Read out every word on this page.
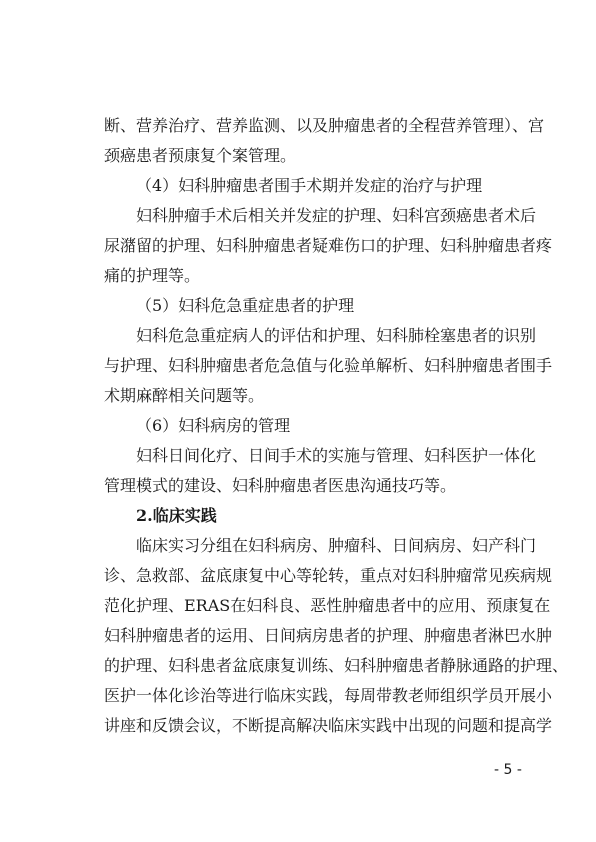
断、营养治疗、营养监测、以及肿瘤患者的全程营养管理）、宫
颈癌患者预康复个案管理。
（4）妇科肿瘤患者围手术期并发症的治疗与护理
妇科肿瘤手术后相关并发症的护理、妇科宫颈癌患者术后
尿潴留的护理、妇科肿瘤患者疑难伤口的护理、妇科肿瘤患者疼
痛的护理等。
（5）妇科危急重症患者的护理
妇科危急重症病人的评估和护理、妇科肺栓塞患者的识别
与护理、妇科肿瘤患者危急值与化验单解析、妇科肿瘤患者围手
术期麻醉相关问题等。
（6）妇科病房的管理
妇科日间化疗、日间手术的实施与管理、妇科医护一体化
管理模式的建设、妇科肿瘤患者医患沟通技巧等。
2.临床实践
临床实习分组在妇科病房、肿瘤科、日间病房、妇产科门
诊、急救部、盆底康复中心等轮转，重点对妇科肿瘤常见疾病规
范化护理、ERAS在妇科良、恶性肿瘤患者中的应用、预康复在
妇科肿瘤患者的运用、日间病房患者的护理、肿瘤患者淋巴水肿
的护理、妇科患者盆底康复训练、妇科肿瘤患者静脉通路的护理、
医护一体化诊治等进行临床实践，每周带教老师组织学员开展小
讲座和反馈会议，不断提高解决临床实践中出现的问题和提高学
- 5 -
